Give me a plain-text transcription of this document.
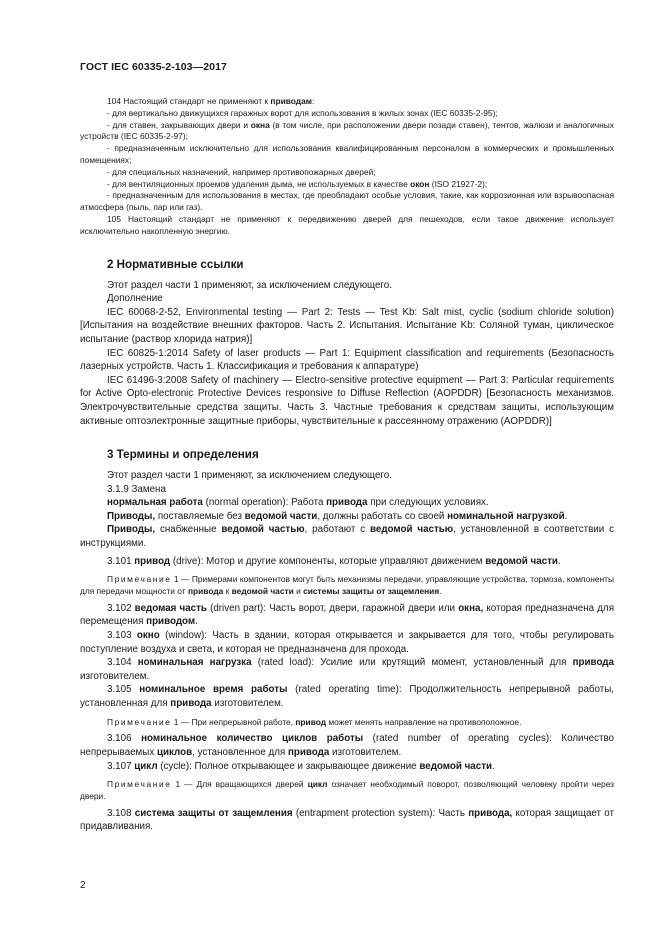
ГОСТ IEC 60335-2-103—2017

104 Настоящий стандарт не применяют к приводам:

- для вертикально движущихся гаражных ворот для использования в жилых зонах (IEC 60335-2-95);

- для ставен, закрывающих двери и окна (в том числе, при расположении двери позади ставен), тентов, жалюзи и аналогичных устройств (IEC 60335-2-97);

- предназначенным исключительно для использования квалифицированным персоналом в коммерческих и промышленных помещениях;

- для специальных назначений, например противопожарных дверей;

- для вентиляционных проемов удаления дыма, не используемых в качестве окон (ISO 21927-2);

- предназначенным для использования в местах, где преобладают особые условия, такие, как коррозионная или взрывоопасная атмосфера (пыль, пар или газ).

105 Настоящий стандарт не применяют к передвижению дверей для пешеходов, если такое движение использует исключительно накопленную энергию.

2 Нормативные ссылки

Этот раздел части 1 применяют, за исключением следующего.

Дополнение

IEC 60068-2-52, Environmental testing — Part 2: Tests — Test Kb: Salt mist, cyclic (sodium chloride solution) [Испытания на воздействие внешних факторов. Часть 2. Испытания. Испытание Kb: Соляной туман, циклическое испытание (раствор хлорида натрия)]

IEC 60825-1:2014 Safety of laser products — Part 1: Equipment classification and requirements (Безопасность лазерных устройств. Часть 1. Классификация и требования к аппаратуре)

IEC 61496-3:2008 Safety of machinery — Electro-sensitive protective equipment — Part 3: Particular requirements for Active Opto-electronic Protective Devices responsive to Diffuse Reflection (AOPDDR) [Безопасность механизмов. Электрочувствительные средства защиты. Часть 3. Частные требования к средствам защиты, использующим активные оптоэлектронные защитные приборы, чувствительные к рассеянному отражению (AOPDDR)]

3 Термины и определения

Этот раздел части 1 применяют, за исключением следующего.

3.1.9 Замена

нормальная работа (normal operation): Работа привода при следующих условиях.

Приводы, поставляемые без ведомой части, должны работать со своей номинальной нагрузкой.

Приводы, снабженные ведомой частью, работают с ведомой частью, установленной в соответствии с инструкциями.

3.101 привод (drive): Мотор и другие компоненты, которые управляют движением ведомой части.

Примечание 1 — Примерами компонентов могут быть механизмы передачи, управляющие устройства, тормоза, компоненты для передачи мощности от привода к ведомой части и системы защиты от защемления.

3.102 ведомая часть (driven part): Часть ворот, двери, гаражной двери или окна, которая предназначена для перемещения приводом.

3.103 окно (window): Часть в здании, которая открывается и закрывается для того, чтобы регулировать поступление воздуха и света, и которая не предназначена для прохода.

3.104 номинальная нагрузка (rated load): Усилие или крутящий момент, установленный для привода изготовителем.

3.105 номинальное время работы (rated operating time): Продолжительность непрерывной работы, установленная для привода изготовителем.

Примечание 1 — При непрерывной работе, привод может менять направление на противоположное.

3.106 номинальное количество циклов работы (rated number of operating cycles): Количество непрерываемых циклов, установленное для привода изготовителем.

3.107 цикл (cycle): Полное открывающее и закрывающее движение ведомой части.

Примечание 1 — Для вращающихся дверей цикл означает необходимый поворот, позволяющий человеку пройти через двери.

3.108 система защиты от защемления (entrapment protection system): Часть привода, которая защищает от придавливания.

2
